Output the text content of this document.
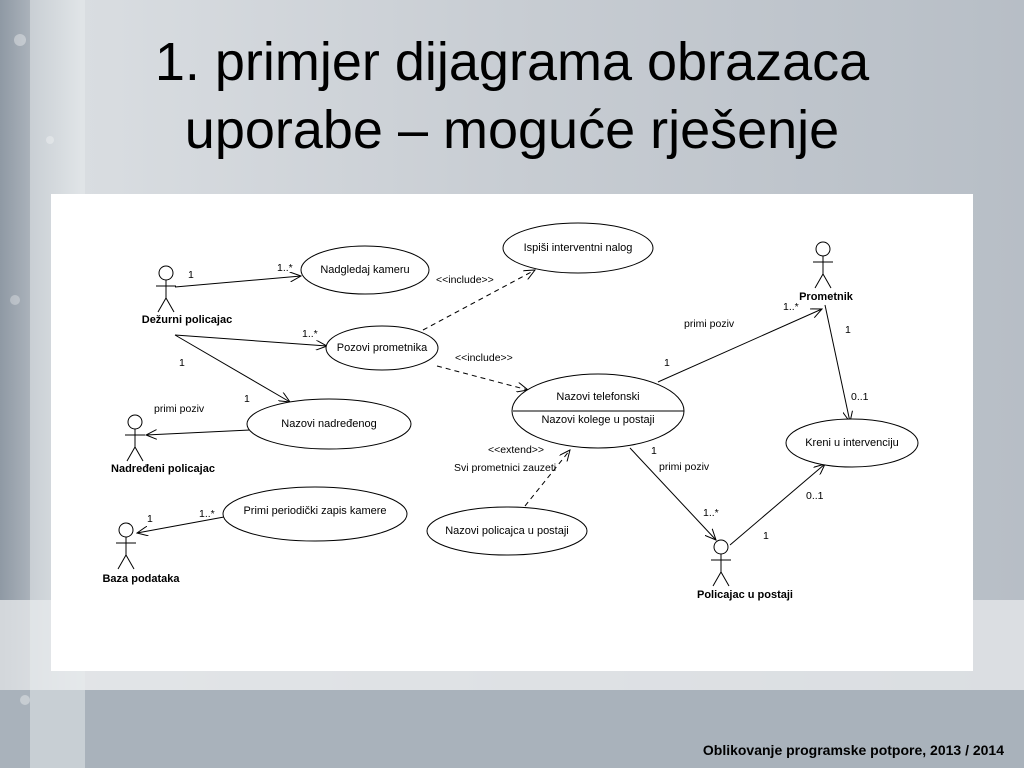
1. primjer dijagrama obrazaca
uporabe – moguće rješenje
Dežurni policajac
Nadređeni policajac
Baza podataka
Prometnik
Policajac u postaji
Nadgledaj kameru
Ispiši interventni nalog
Pozovi prometnika
Nazovi nadređenog
Primi periodički zapis kamere
Nazovi telefonski
Nazovi kolege u postaji
Kreni u intervenciju
Nazovi policajca u postaji
<<include>>
<<include>>
<<extend>>
Svi prometnici zauzeti
primi poziv
primi poziv
primi poziv
1
1..*
1..*
1
1
1	1..*
1
1..*
1
0..1
1
1..*
1
0..1
Oblikovanje programske potpore, 2013 / 2014
